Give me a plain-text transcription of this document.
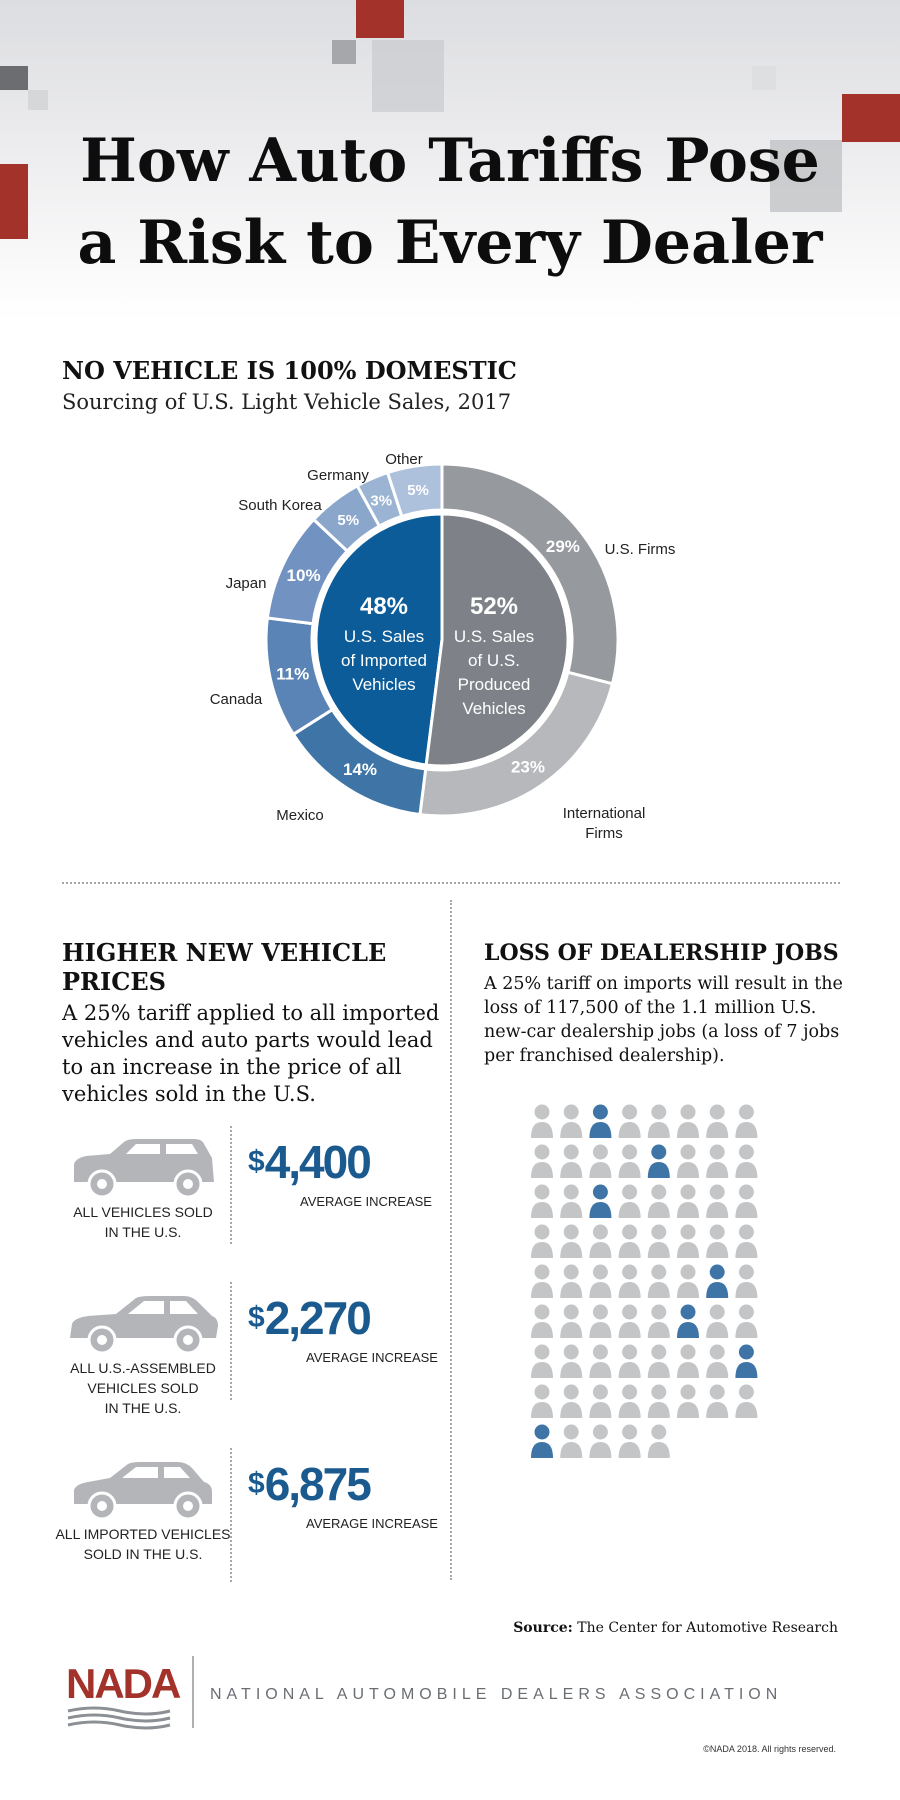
How Auto Tariffs Pose
a Risk to Every Dealer
NO VEHICLE IS 100% DOMESTIC
Sourcing of U.S. Light Vehicle Sales, 2017
29% U.S. Firms
23%
International Firms
14%
Mexico
11%
Canada
10%
Japan
5%
South Korea	3%
Germany
5%
Other
48%
U.S. Sales of Imported Vehicles
52%
U.S. Sales of U.S. Produced Vehicles
HIGHER NEW VEHICLE
PRICES
A 25% tariff applied to all imported vehicles and auto parts would lead to an increase in the price of all vehicles sold in the U.S.
ALL VEHICLES SOLD
IN THE U.S.
$4,400
AVERAGE INCREASE
ALL U.S.-ASSEMBLED
VEHICLES SOLD
IN THE U.S.
$2,270
AVERAGE INCREASE
ALL IMPORTED VEHICLES
SOLD IN THE U.S.
$6,875
AVERAGE INCREASE
LOSS OF DEALERSHIP JOBS
A 25% tariff on imports will result in the loss of 117,500 of the 1.1 million U.S. new-car dealership jobs (a loss of 7 jobs per franchised dealership).
Source: The Center for Automotive Research
NADA NATIONAL AUTOMOBILE DEALERS ASSOCIATION
©NADA 2018. All rights reserved.
